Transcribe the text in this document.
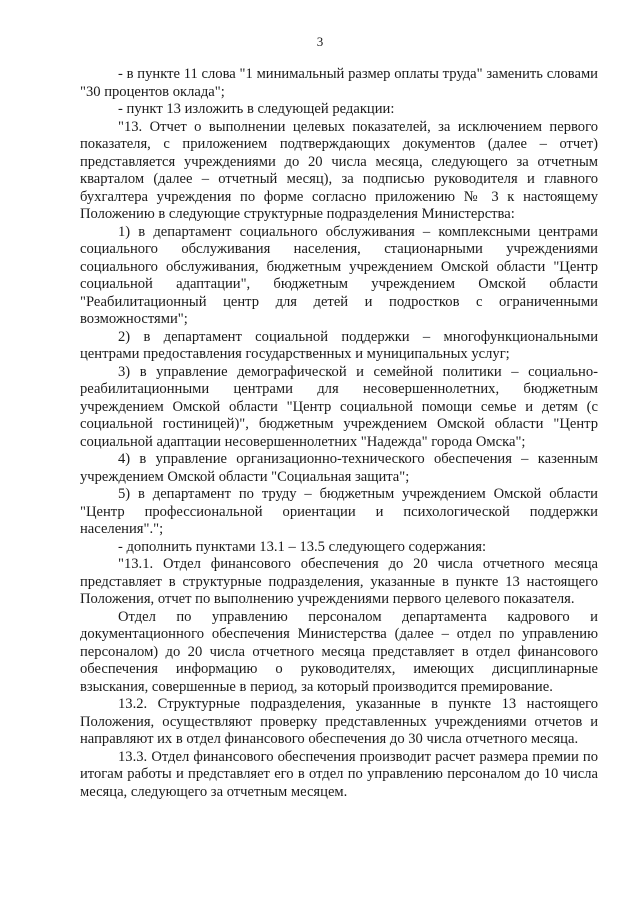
3

- в пункте 11 слова "1 минимальный размер оплаты труда" заменить словами "30 процентов оклада";

- пункт 13 изложить в следующей редакции:

"13. Отчет о выполнении целевых показателей, за исключением первого показателя, с приложением подтверждающих документов (далее – отчет) представляется учреждениями до 20 числа месяца, следующего за отчетным кварталом (далее – отчетный месяц), за подписью руководителя и главного бухгалтера учреждения по форме согласно приложению № 3 к настоящему Положению в следующие структурные подразделения Министерства:

1) в департамент социального обслуживания – комплексными центрами социального обслуживания населения, стационарными учреждениями социального обслуживания, бюджетным учреждением Омской области "Центр социальной адаптации", бюджетным учреждением Омской области "Реабилитационный центр для детей и подростков с ограниченными возможностями";

2) в департамент социальной поддержки – многофункциональными центрами предоставления государственных и муниципальных услуг;

3) в управление демографической и семейной политики – социально-реабилитационными центрами для несовершеннолетних, бюджетным учреждением Омской области "Центр социальной помощи семье и детям (с социальной гостиницей)", бюджетным учреждением Омской области "Центр социальной адаптации несовершеннолетних "Надежда" города Омска";

4) в управление организационно-технического обеспечения – казенным учреждением Омской области "Социальная защита";

5) в департамент по труду – бюджетным учреждением Омской области "Центр профессиональной ориентации и психологической поддержки населения".";

- дополнить пунктами 13.1 – 13.5 следующего содержания:

"13.1. Отдел финансового обеспечения до 20 числа отчетного месяца представляет в структурные подразделения, указанные в пункте 13 настоящего Положения, отчет по выполнению учреждениями первого целевого показателя.

Отдел по управлению персоналом департамента кадрового и документационного обеспечения Министерства (далее – отдел по управлению персоналом) до 20 числа отчетного месяца представляет в отдел финансового обеспечения информацию о руководителях, имеющих дисциплинарные взыскания, совершенные в период, за который производится премирование.

13.2. Структурные подразделения, указанные в пункте 13 настоящего Положения, осуществляют проверку представленных учреждениями отчетов и направляют их в отдел финансового обеспечения до 30 числа отчетного месяца.

13.3. Отдел финансового обеспечения производит расчет размера премии по итогам работы и представляет его в отдел по управлению персоналом до 10 числа месяца, следующего за отчетным месяцем.
